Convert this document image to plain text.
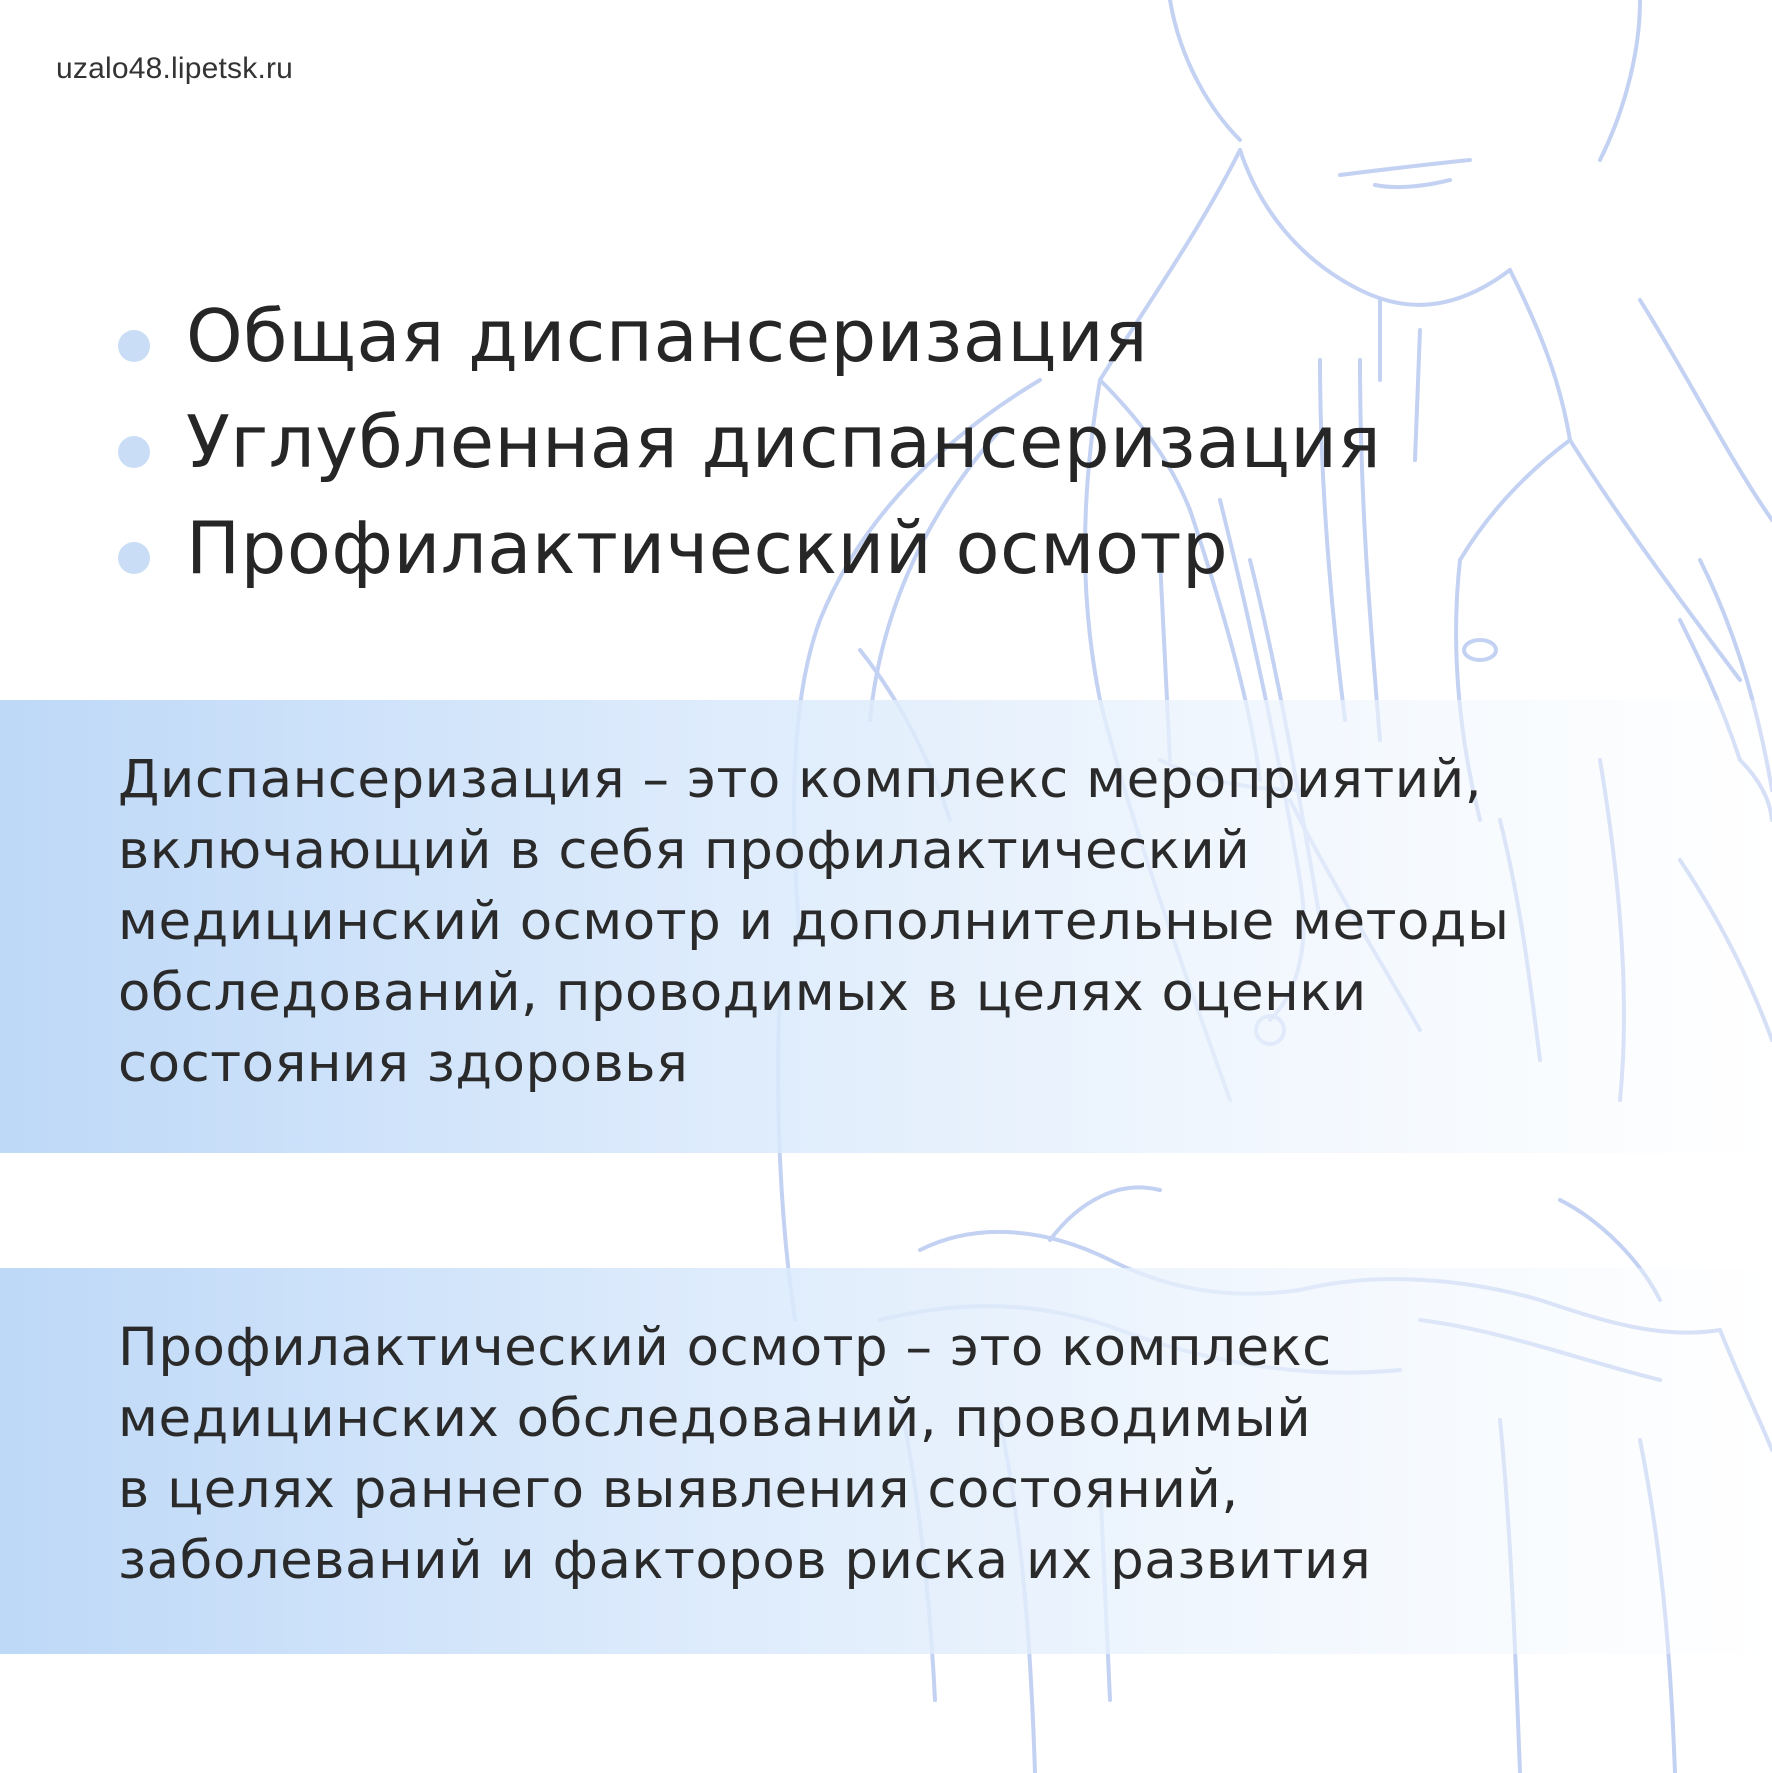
uzalo48.lipetsk.ru
Общая диспансеризация
Углубленная диспансеризация
Профилактический осмотр
Диспансеризация – это комплекс мероприятий,
включающий в себя профилактический
медицинский осмотр и дополнительные методы
обследований, проводимых в целях оценки
состояния здоровья
Профилактический осмотр – это комплекс
медицинских обследований, проводимый
в целях раннего выявления состояний,
заболеваний и факторов риска их развития
